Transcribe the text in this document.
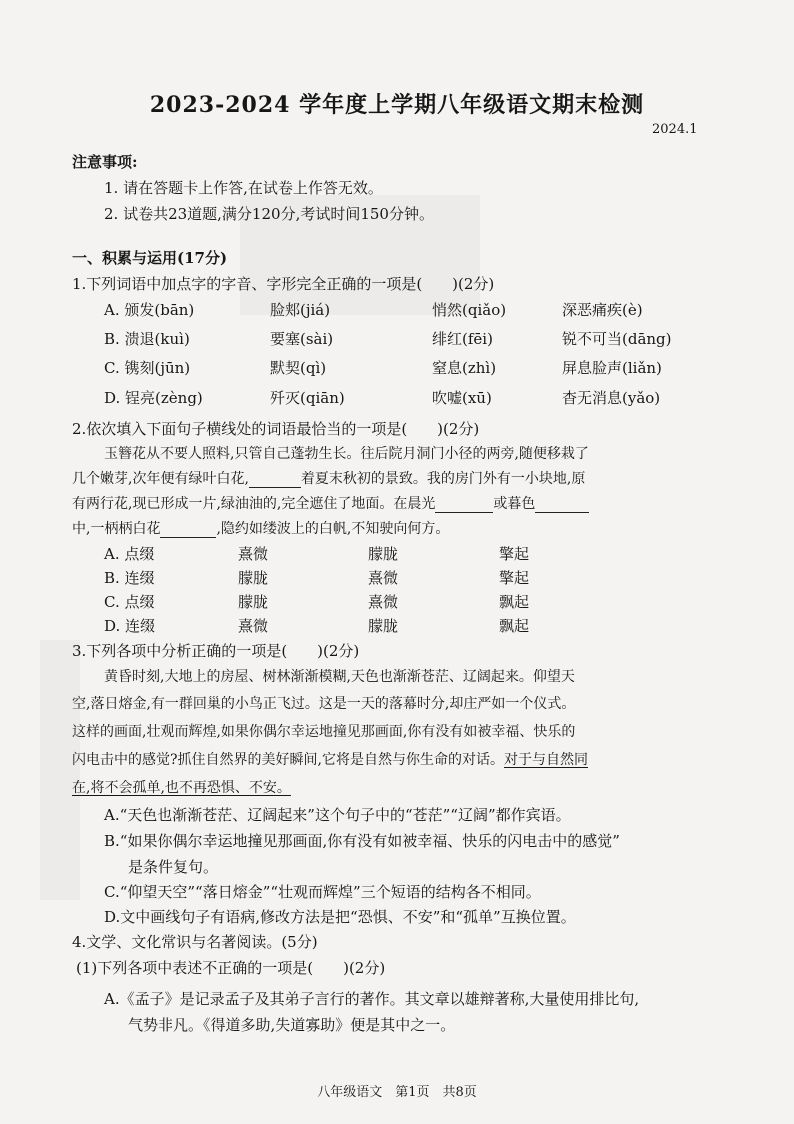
2023-2024 学年度上学期八年级语文期末检测
2024.1
注意事项:
1. 请在答题卡上作答,在试卷上作答无效。
2. 试卷共23道题,满分120分,考试时间150分钟。
一、积累与运用(17分)
1.下列词语中加点字的字音、字形完全正确的一项是(　　)(2分)
A. 颁发(bān)	脸郏(jiá)	悄然(qiǎo)	深恶痛疾(è)
B. 溃退(kuì)	要塞(sài)	绯红(fēi)	锐不可当(dāng)
C. 镌刻(jūn)	默契(qì)	窒息(zhì)	屏息脸声(liǎn)
D. 锃亮(zèng)	歼灭(qiān)	吹嘘(xū)	杳无消息(yǎo)
2.依次填入下面句子横线处的词语最恰当的一项是(　　)(2分)
玉簪花从不要人照料,只管自己蓬勃生长。往后院月洞门小径的两旁,随便移栽了
几个嫩芽,次年便有绿叶白花,	着夏末秋初的景致。我的房门外有一小块地,原
有两行花,现已形成一片,绿油油的,完全遮住了地面。在晨光	或暮色
中,一柄柄白花	,隐约如缕波上的白帆,不知驶向何方。
A. 点缀	熹微	朦胧	擎起
B. 连缀	朦胧	熹微	擎起
C. 点缀	朦胧	熹微	飘起
D. 连缀	熹微	朦胧	飘起
3.下列各项中分析正确的一项是(　　)(2分)
黄昏时刻,大地上的房屋、树林渐渐模糊,天色也渐渐苍茫、辽阔起来。仰望天
空,落日熔金,有一群回巢的小鸟正飞过。这是一天的落幕时分,却庄严如一个仪式。
这样的画面,壮观而辉煌,如果你偶尔幸运地撞见那画面,你有没有如被幸福、快乐的
闪电击中的感觉?抓住自然界的美好瞬间,它将是自然与你生命的对话。对于与自然同
在,将不会孤单,也不再恐惧、不安。
A.“天色也渐渐苍茫、辽阔起来”这个句子中的“苍茫”“辽阔”都作宾语。
B.“如果你偶尔幸运地撞见那画面,你有没有如被幸福、快乐的闪电击中的感觉”
是条件复句。
C.“仰望天空”“落日熔金”“壮观而辉煌”三个短语的结构各不相同。
D.文中画线句子有语病,修改方法是把“恐惧、不安”和“孤单”互换位置。
4.文学、文化常识与名著阅读。(5分)
(1)下列各项中表述不正确的一项是(　　)(2分)
A.《孟子》是记录孟子及其弟子言行的著作。其文章以雄辩著称,大量使用排比句,
气势非凡。《得道多助,失道寡助》便是其中之一。
八年级语文　第1页　共8页
